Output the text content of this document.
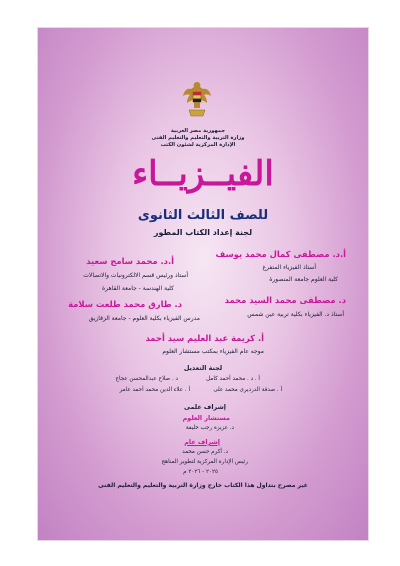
جمهورية مصر العربية
وزارة التربية والتعليم والتعليم الفنى
الإدارة المركزية لشئون الكتب
الفيــزيــاء
للصف الثالث الثانوى
لجنة إعداد الكتاب المطور
أ.د. مصطفى كمال محمد يوسف
أستاذ الفيزياء المتفرغ
كلية العلوم جامعة المنصورة
د. مصطفى محمد السيد محمد
أستاذ د. الفيزياء بكلية تربية عين شمس
أ.د. محمد سامح سعيد
أستاذ ورئيس قسم الالكترونيات والاتصالات
كلية الهندسة - جامعة القاهرة
د. طارق محمد طلعت سلامة
مدرس الفيزياء بكلية العلوم - جامعة الزقازيق
أ. كريمة عبد العليم سيد أحمد
موجه عام الفيزياء بمكتب مستشار العلوم
لجنة التعديل
أ . د . محمد أحمد كامل
د . صلاح عبدالمحسن عجاج
أ . صدقة الدرديرى محمد على
أ . علاء الدين محمد أحمد عامر
إشراف علمى
مستشار العلوم
د. عزيزة رجب خليفة
إشراف عام
د. أكرم حسن محمد
رئيس الإدارة المركزية لتطوير المناهج
٢٠٢٥ - ٢٠٢٦ م
غير مصرح بتداول هذا الكتاب خارج وزارة التربية والتعليم والتعليم الفنى
